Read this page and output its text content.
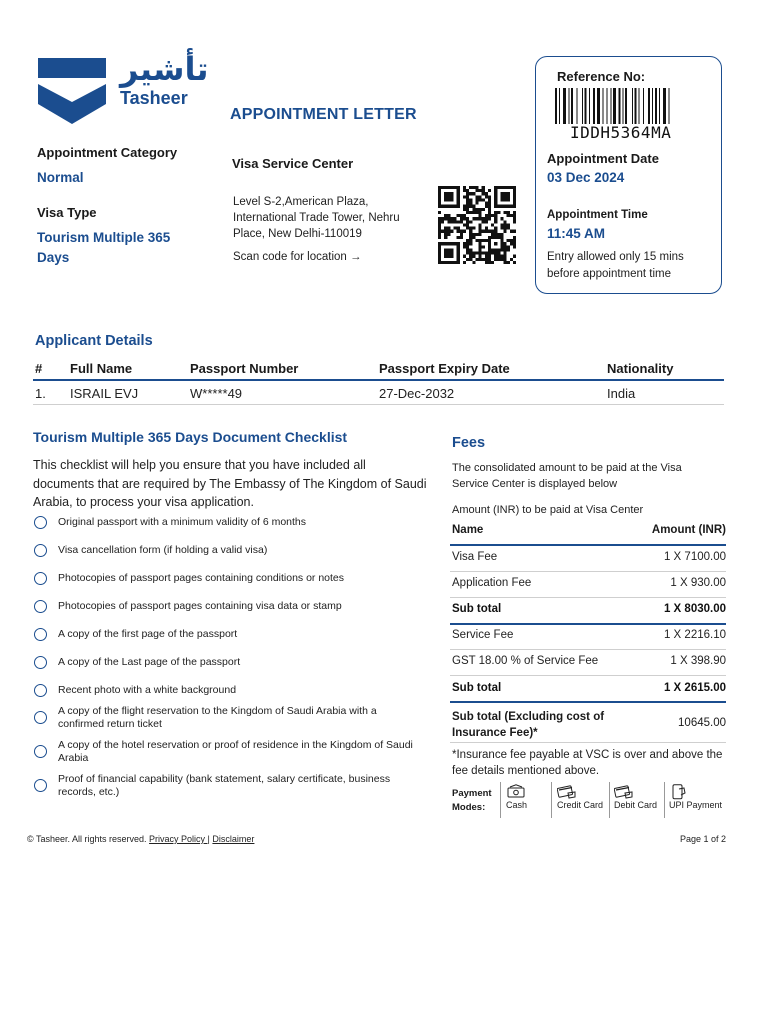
تأشير
Tasheer
APPOINTMENT LETTER
Appointment Category
Normal
Visa Type
Tourism Multiple 365
Days
Visa Service Center
Level S-2,American Plaza,
International Trade Tower, Nehru
Place, New Delhi-110019
Scan code for location →
Reference No:
IDDH5364MA
Appointment Date
03 Dec 2024
Appointment Time
11:45 AM
Entry allowed only 15 mins
before appointment time
Applicant Details
# Full Name	Passport Number	Passport Expiry Date	Nationality
1. ISRAIL EVJ	W*****49	27-Dec-2032	India
Tourism Multiple 365 Days Document Checklist
This checklist will help you ensure that you have included all
documents that are required by The Embassy of The Kingdom of Saudi
Arabia, to process your visa application.
Original passport with a minimum validity of 6 months
Visa cancellation form (if holding a valid visa)
Photocopies of passport pages containing conditions or notes
Photocopies of passport pages containing visa data or stamp
A copy of the first page of the passport
A copy of the Last page of the passport
Recent photo with a white background
A copy of the flight reservation to the Kingdom of Saudi Arabia with a
confirmed return ticket
A copy of the hotel reservation or proof of residence in the Kingdom of Saudi
Arabia
Proof of financial capability (bank statement, salary certificate, business
records, etc.)
Fees
The consolidated amount to be paid at the Visa
Service Center is displayed below
Amount (INR) to be paid at Visa Center
Name	Amount (INR)
Visa Fee	1 X 7100.00
Application Fee	1 X 930.00
Sub total	1 X 8030.00
Service Fee	1 X 2216.10
GST 18.00 % of Service Fee	1 X 398.90
Sub total	1 X 2615.00
Sub total (Excluding cost of
Insurance Fee)*
10645.00
*Insurance fee payable at VSC is over and above the
fee details mentioned above.
Payment
Modes:	Cash	Credit Card Debit Card UPI Payment
© Tasheer. All rights reserved. Privacy Policy | Disclaimer	Page 1 of 2
